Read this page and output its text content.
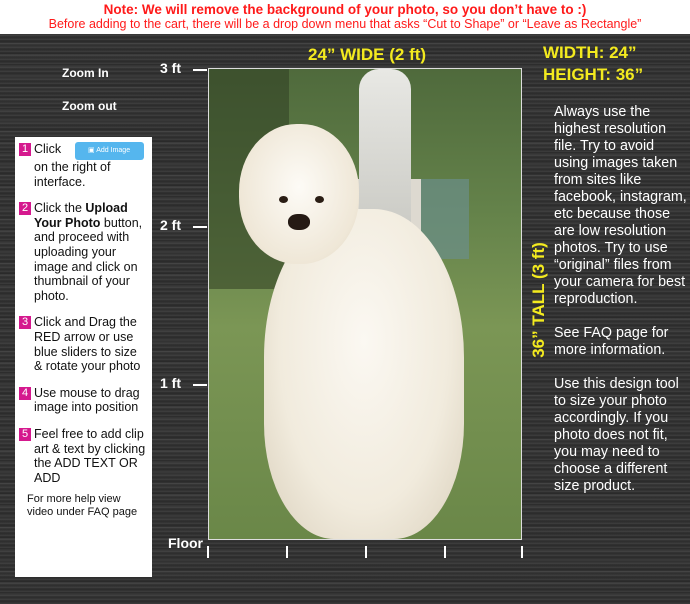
Note: We will remove the background of your photo, so you don’t have to :)
Before adding to the cart, there will be a drop down menu that asks “Cut to Shape” or “Leave as Rectangle”
Zoom In
Zoom out
1 Click	▣ Add Image
on the right of interface.
2 Click the Upload Your Photo button, and proceed with uploading your image and click on thumbnail of your photo.
3 Click and Drag the RED arrow or use blue sliders to size & rotate your photo
4 Use mouse to drag image into position
5 Feel free to add clip art & text by clicking the ADD TEXT OR ADD
For more help view video under FAQ page
3 ft
2 ft
1 ft
Floor
24” WIDE (2 ft)	WIDTH: 24”
HEIGHT: 36”
36” TALL (3 ft)

Always use the highest resolution file. Try to avoid using images taken from sites like facebook, instagram, etc because those are low resolution photos. Try to use “original” files from your camera for best reproduction.

See FAQ page for more information.

Use this design tool to size your photo accordingly. If you photo does not fit, you may need to choose a different size product.
